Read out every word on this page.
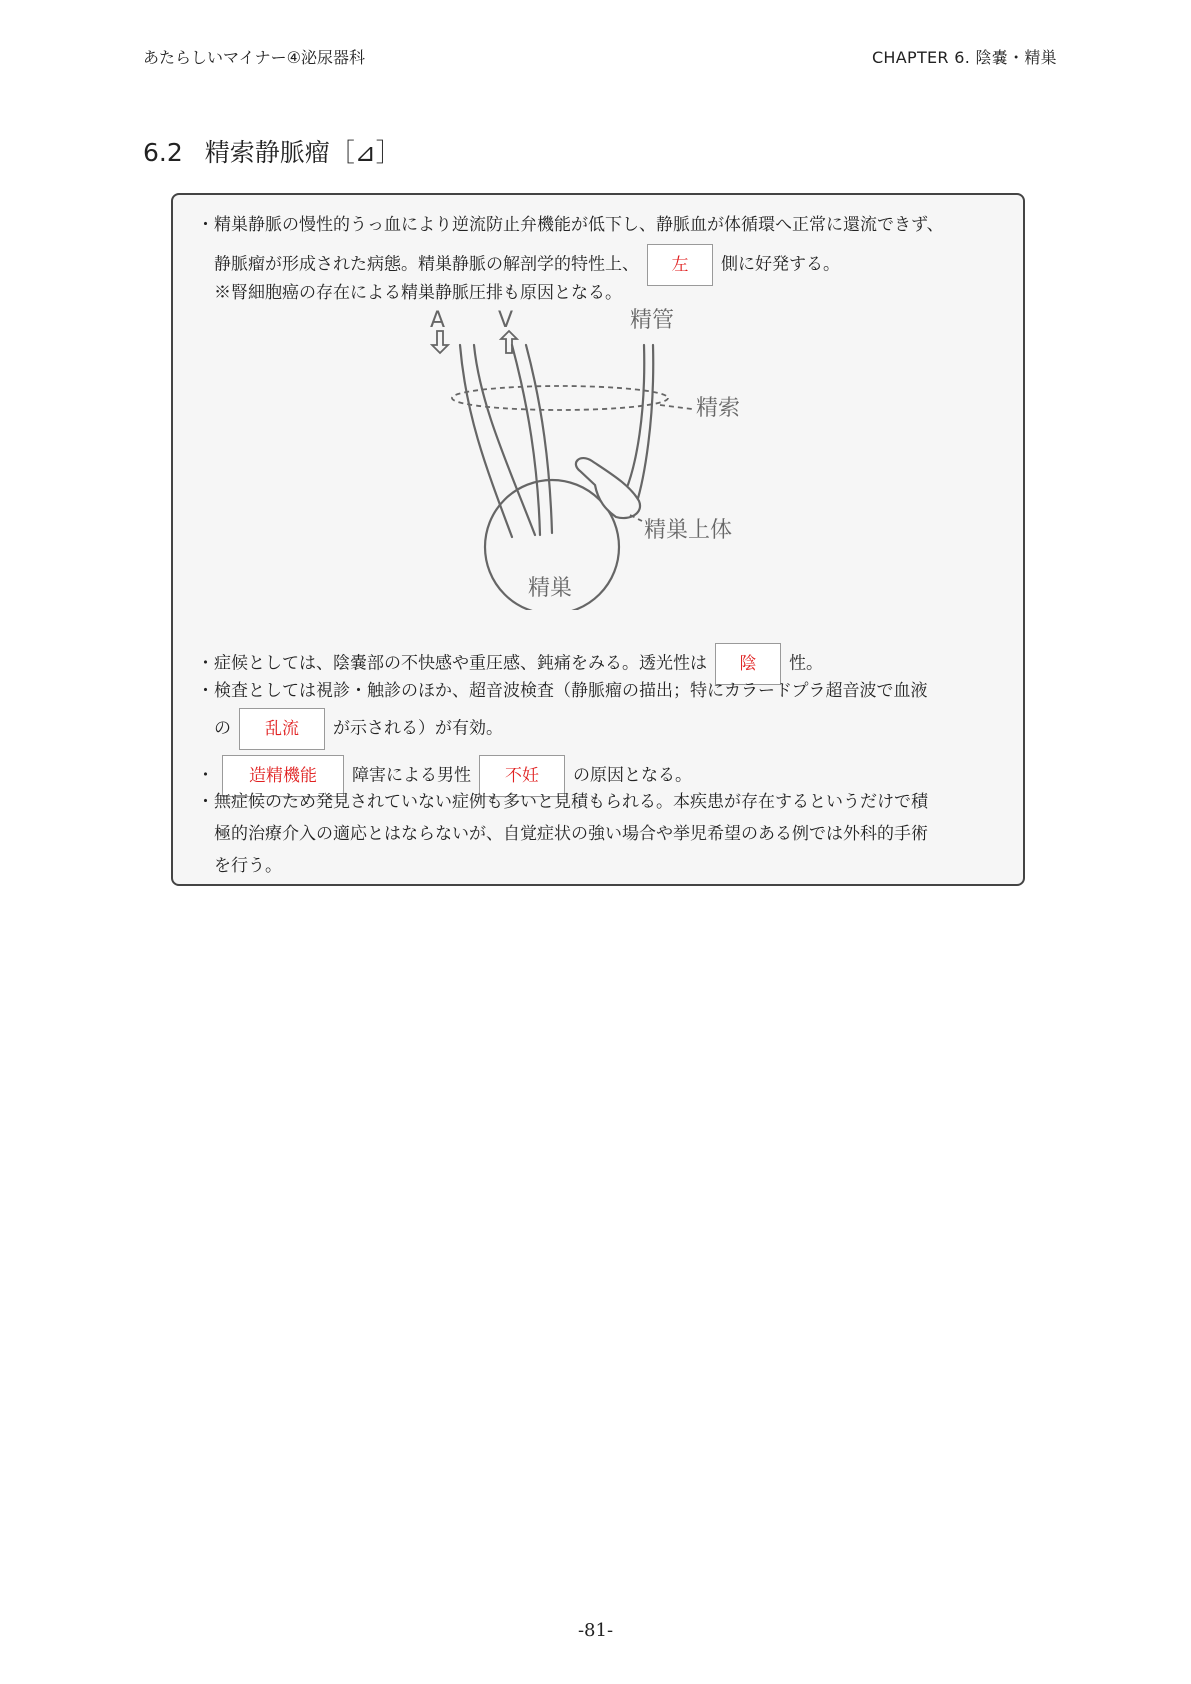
あたらしいマイナー④泌尿器科	CHAPTER 6. 陰嚢・精巣
6.2 精索静脈瘤［⊿］
・精巣静脈の慢性的うっ血により逆流防止弁機能が低下し、静脈血が体循環へ正常に還流できず、
静脈瘤が形成された病態。精巣静脈の解剖学的特性上、 左 側に好発する。
※腎細胞癌の存在による精巣静脈圧排も原因となる。
A V	精管
精索
精巣上体
精巣
・症候としては、陰嚢部の不快感や重圧感、鈍痛をみる。透光性は 陰 性。
・検査としては視診・触診のほか、超音波検査（静脈瘤の描出；特にカラードプラ超音波で血液
の 乱流 が示される）が有効。
・ 造精機能 障害による男性 不妊 の原因となる。
・無症候のため発見されていない症例も多いと見積もられる。本疾患が存在するというだけで積
極的治療介入の適応とはならないが、自覚症状の強い場合や挙児希望のある例では外科的手術
を行う。
-81-
